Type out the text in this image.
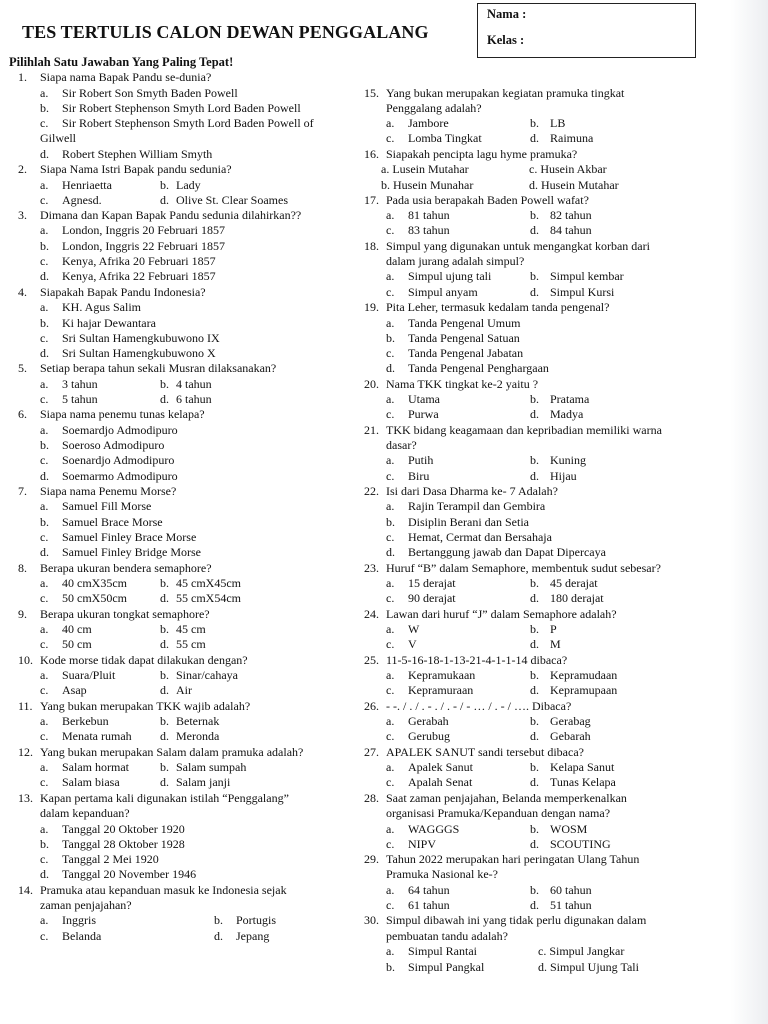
TES TERTULIS CALON DEWAN PENGGALANG
Nama :
Kelas :
Pilihlah Satu Jawaban Yang Paling Tepat!
1. Siapa nama Bapak Pandu se-dunia?
a. Sir Robert Son Smyth Baden Powell
b. Sir Robert Stephenson Smyth Lord Baden Powell
c. Sir Robert Stephenson Smyth Lord Baden Powell of
Gilwell
d. Robert Stephen William Smyth
2. Siapa Nama Istri Bapak pandu sedunia?
a. Henriaetta	b. Lady
c. Agnesd.	d. Olive St. Clear Soames
3. Dimana dan Kapan Bapak Pandu sedunia dilahirkan??
a. London, Inggris 20 Februari 1857
b. London, Inggris 22 Februari 1857
c. Kenya, Afrika 20 Februari 1857
d. Kenya, Afrika 22 Februari 1857
4. Siapakah Bapak Pandu Indonesia?
a. KH. Agus Salim
b. Ki hajar Dewantara
c. Sri Sultan Hamengkubuwono IX
d. Sri Sultan Hamengkubuwono X
5. Setiap berapa tahun sekali Musran dilaksanakan?
a. 3 tahun	b. 4 tahun
c. 5 tahun	d. 6 tahun
6. Siapa nama penemu tunas kelapa?
a. Soemardjo Admodipuro
b. Soeroso Admodipuro
c. Soenardjo Admodipuro
d. Soemarmo Admodipuro
7. Siapa nama Penemu Morse?
a. Samuel Fill Morse
b. Samuel Brace Morse
c. Samuel Finley Brace Morse
d. Samuel Finley Bridge Morse
8. Berapa ukuran bendera semaphore?
a. 40 cmX35cm	b. 45 cmX45cm
c. 50 cmX50cm	d. 55 cmX54cm
9. Berapa ukuran tongkat semaphore?
a. 40 cm	b. 45 cm
c. 50 cm	d. 55 cm
10. Kode morse tidak dapat dilakukan dengan?
a. Suara/Pluit	b. Sinar/cahaya
c. Asap	d. Air
11. Yang bukan merupakan TKK wajib adalah?
a. Berkebun	b. Beternak
c. Menata rumah d. Meronda
12. Yang bukan merupakan Salam dalam pramuka adalah?
a. Salam hormat	b. Salam sumpah
c. Salam biasa	d. Salam janji
13. Kapan pertama kali digunakan istilah “Penggalang”
dalam kepanduan?
a. Tanggal 20 Oktober 1920
b. Tanggal 28 Oktober 1928
c. Tanggal 2 Mei 1920
d. Tanggal 20 November 1946
14. Pramuka atau kepanduan masuk ke Indonesia sejak
zaman penjajahan?
a. Inggris	b. Portugis
c. Belanda	d. Jepang
15. Yang bukan merupakan kegiatan pramuka tingkat
Penggalang adalah?
a. Jambore	b. LB
c. Lomba Tingkat	d. Raimuna
16. Siapakah pencipta lagu hyme pramuka?
a. Lusein Mutahar	c. Husein Akbar
b. Husein Munahar	d. Husein Mutahar
17. Pada usia berapakah Baden Powell wafat?
a. 81 tahun	b. 82 tahun
c. 83 tahun	d. 84 tahun
18. Simpul yang digunakan untuk mengangkat korban dari
dalam jurang adalah simpul?
a. Simpul ujung tali	b. Simpul kembar
c. Simpul anyam	d. Simpul Kursi
19. Pita Leher, termasuk kedalam tanda pengenal?
a. Tanda Pengenal Umum
b. Tanda Pengenal Satuan
c. Tanda Pengenal Jabatan
d. Tanda Pengenal Penghargaan
20. Nama TKK tingkat ke-2 yaitu ?
a. Utama	b. Pratama
c. Purwa	d. Madya
21. TKK bidang keagamaan dan kepribadian memiliki warna
dasar?
a. Putih	b. Kuning
c. Biru	d. Hijau
22. Isi dari Dasa Dharma ke- 7 Adalah?
a. Rajin Terampil dan Gembira
b. Disiplin Berani dan Setia
c. Hemat, Cermat dan Bersahaja
d. Bertanggung jawab dan Dapat Dipercaya
23. Huruf “B” dalam Semaphore, membentuk sudut sebesar?
a. 15 derajat	b. 45 derajat
c. 90 derajat	d. 180 derajat
24. Lawan dari huruf “J” dalam Semaphore adalah?
a. W	b. P
c. V	d. M
25. 11-5-16-18-1-13-21-4-1-1-14 dibaca?
a. Kepramukaan	b. Kepramudaan
c. Kepramuraan	d. Kepramupaan
26. - -. / . / . - . / . - / - … / . - / …. Dibaca?
a. Gerabah	b. Gerabag
c. Gerubug	d. Gebarah
27. APALEK SANUT sandi tersebut dibaca?
a. Apalek Sanut	b. Kelapa Sanut
c. Apalah Senat	d. Tunas Kelapa
28. Saat zaman penjajahan, Belanda memperkenalkan
organisasi Pramuka/Kepanduan dengan nama?
a. WAGGGS	b. WOSM
c. NIPV	d. SCOUTING
29. Tahun 2022 merupakan hari peringatan Ulang Tahun
Pramuka Nasional ke-?
a. 64 tahun	b. 60 tahun
c. 61 tahun	d. 51 tahun
30. Simpul dibawah ini yang tidak perlu digunakan dalam
pembuatan tandu adalah?
a. Simpul Rantai	c. Simpul Jangkar
b. Simpul Pangkal	d. Simpul Ujung Tali
